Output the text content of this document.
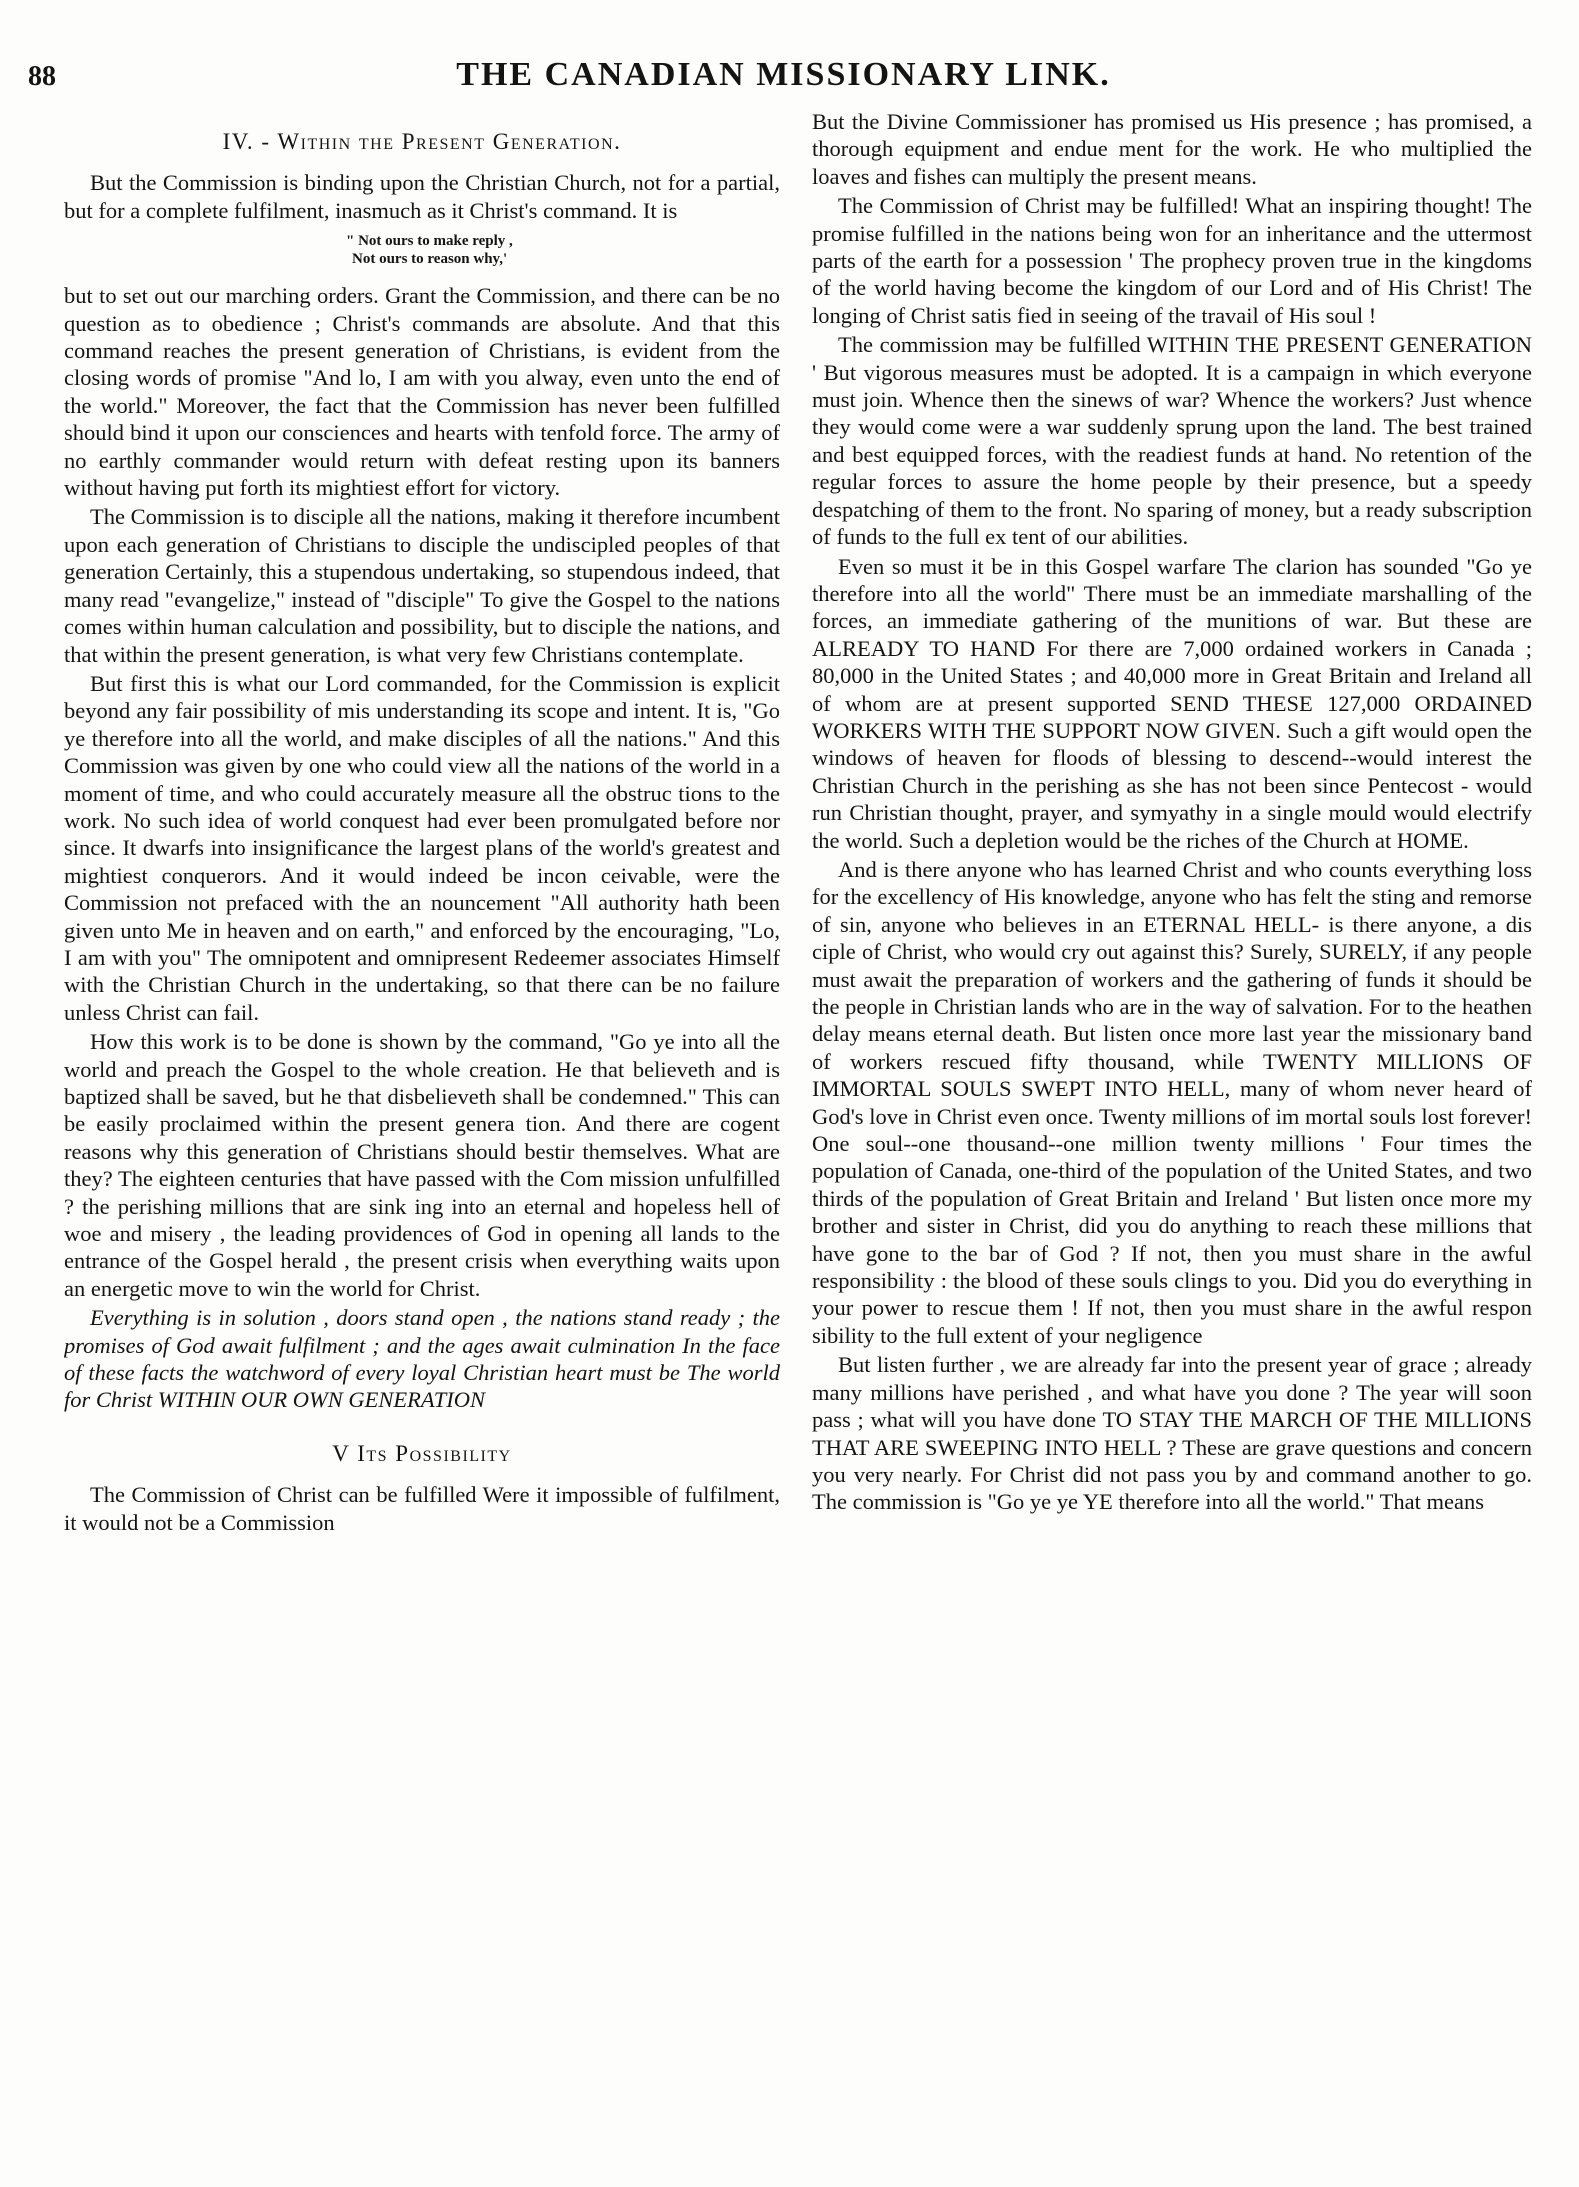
88	THE CANADIAN MISSIONARY LINK.
IV. - Within the Present Generation.

But the Commission is binding upon the Christian Church, not for a partial, but for a complete fulfilment, inasmuch as it Christ's command. It is

" Not ours to make reply ,
Not ours to reason why,'

but to set out our marching orders. Grant the Commission, and there can be no question as to obedience ; Christ's commands are absolute. And that this command reaches the present generation of Christians, is evident from the closing words of promise "And lo, I am with you alway, even unto the end of the world." Moreover, the fact that the Commission has never been fulfilled should bind it upon our consciences and hearts with tenfold force. The army of no earthly commander would return with defeat resting upon its banners without having put forth its mightiest effort for victory.

The Commission is to disciple all the nations, making it therefore incumbent upon each generation of Christians to disciple the undiscipled peoples of that generation Certainly, this a stupendous undertaking, so stupendous indeed, that many read "evangelize," instead of "disciple" To give the Gospel to the nations comes within human calculation and possibility, but to disciple the nations, and that within the present generation, is what very few Christians contemplate.

But first this is what our Lord commanded, for the Commission is explicit beyond any fair possibility of mis understanding its scope and intent. It is, "Go ye therefore into all the world, and make disciples of all the nations." And this Commission was given by one who could view all the nations of the world in a moment of time, and who could accurately measure all the obstruc tions to the work. No such idea of world conquest had ever been promulgated before nor since. It dwarfs into insignificance the largest plans of the world's greatest and mightiest conquerors. And it would indeed be incon ceivable, were the Commission not prefaced with the an nouncement "All authority hath been given unto Me in heaven and on earth," and enforced by the encouraging, "Lo, I am with you" The omnipotent and omnipresent Redeemer associates Himself with the Christian Church in the undertaking, so that there can be no failure unless Christ can fail.

How this work is to be done is shown by the command, "Go ye into all the world and preach the Gospel to the whole creation. He that believeth and is baptized shall be saved, but he that disbelieveth shall be condemned." This can be easily proclaimed within the present genera tion. And there are cogent reasons why this generation of Christians should bestir themselves. What are they? The eighteen centuries that have passed with the Com mission unfulfilled ? the perishing millions that are sink ing into an eternal and hopeless hell of woe and misery , the leading providences of God in opening all lands to the entrance of the Gospel herald , the present crisis when everything waits upon an energetic move to win the world for Christ.

Everything is in solution , doors stand open , the nations stand ready ; the promises of God await fulfilment ; and the ages await culmination In the face of these facts the watchword of every loyal Christian heart must be The world for Christ WITHIN OUR OWN GENERATION

V Its Possibility

The Commission of Christ can be fulfilled Were it impossible of fulfilment, it would not be a Commission

But the Divine Commissioner has promised us His presence ; has promised, a thorough equipment and endue ment for the work. He who multiplied the loaves and fishes can multiply the present means.

The Commission of Christ may be fulfilled! What an inspiring thought! The promise fulfilled in the nations being won for an inheritance and the uttermost parts of the earth for a possession ' The prophecy proven true in the kingdoms of the world having become the kingdom of our Lord and of His Christ! The longing of Christ satis fied in seeing of the travail of His soul !

The commission may be fulfilled WITHIN THE PRESENT GENERATION ' But vigorous measures must be adopted. It is a campaign in which everyone must join. Whence then the sinews of war? Whence the workers? Just whence they would come were a war suddenly sprung upon the land. The best trained and best equipped forces, with the readiest funds at hand. No retention of the regular forces to assure the home people by their presence, but a speedy despatching of them to the front. No sparing of money, but a ready subscription of funds to the full ex tent of our abilities.

Even so must it be in this Gospel warfare The clarion has sounded "Go ye therefore into all the world" There must be an immediate marshalling of the forces, an immediate gathering of the munitions of war. But these are ALREADY TO HAND For there are 7,000 ordained workers in Canada ; 80,000 in the United States ; and 40,000 more in Great Britain and Ireland all of whom are at present supported SEND THESE 127,000 ORDAINED WORKERS WITH THE SUPPORT NOW GIVEN. Such a gift would open the windows of heaven for floods of blessing to descend--would interest the Christian Church in the perishing as she has not been since Pentecost - would run Christian thought, prayer, and symyathy in a single mould would electrify the world. Such a depletion would be the riches of the Church at HOME.

And is there anyone who has learned Christ and who counts everything loss for the excellency of His knowledge, anyone who has felt the sting and remorse of sin, anyone who believes in an ETERNAL HELL- is there anyone, a dis ciple of Christ, who would cry out against this? Surely, SURELY, if any people must await the preparation of workers and the gathering of funds it should be the people in Christian lands who are in the way of salvation. For to the heathen delay means eternal death. But listen once more last year the missionary band of workers rescued fifty thousand, while TWENTY MILLIONS OF IMMORTAL SOULS SWEPT INTO HELL, many of whom never heard of God's love in Christ even once. Twenty millions of im mortal souls lost forever! One soul--one thousand--one million twenty millions ' Four times the population of Canada, one-third of the population of the United States, and two thirds of the population of Great Britain and Ireland ' But listen once more my brother and sister in Christ, did you do anything to reach these millions that have gone to the bar of God ? If not, then you must share in the awful responsibility : the blood of these souls clings to you. Did you do everything in your power to rescue them ! If not, then you must share in the awful respon sibility to the full extent of your negligence

But listen further , we are already far into the present year of grace ; already many millions have perished , and what have you done ? The year will soon pass ; what will you have done TO STAY THE MARCH OF THE MILLIONS THAT ARE SWEEPING INTO HELL ? These are grave questions and concern you very nearly. For Christ did not pass you by and command another to go. The commission is "Go ye ye YE therefore into all the world." That means
